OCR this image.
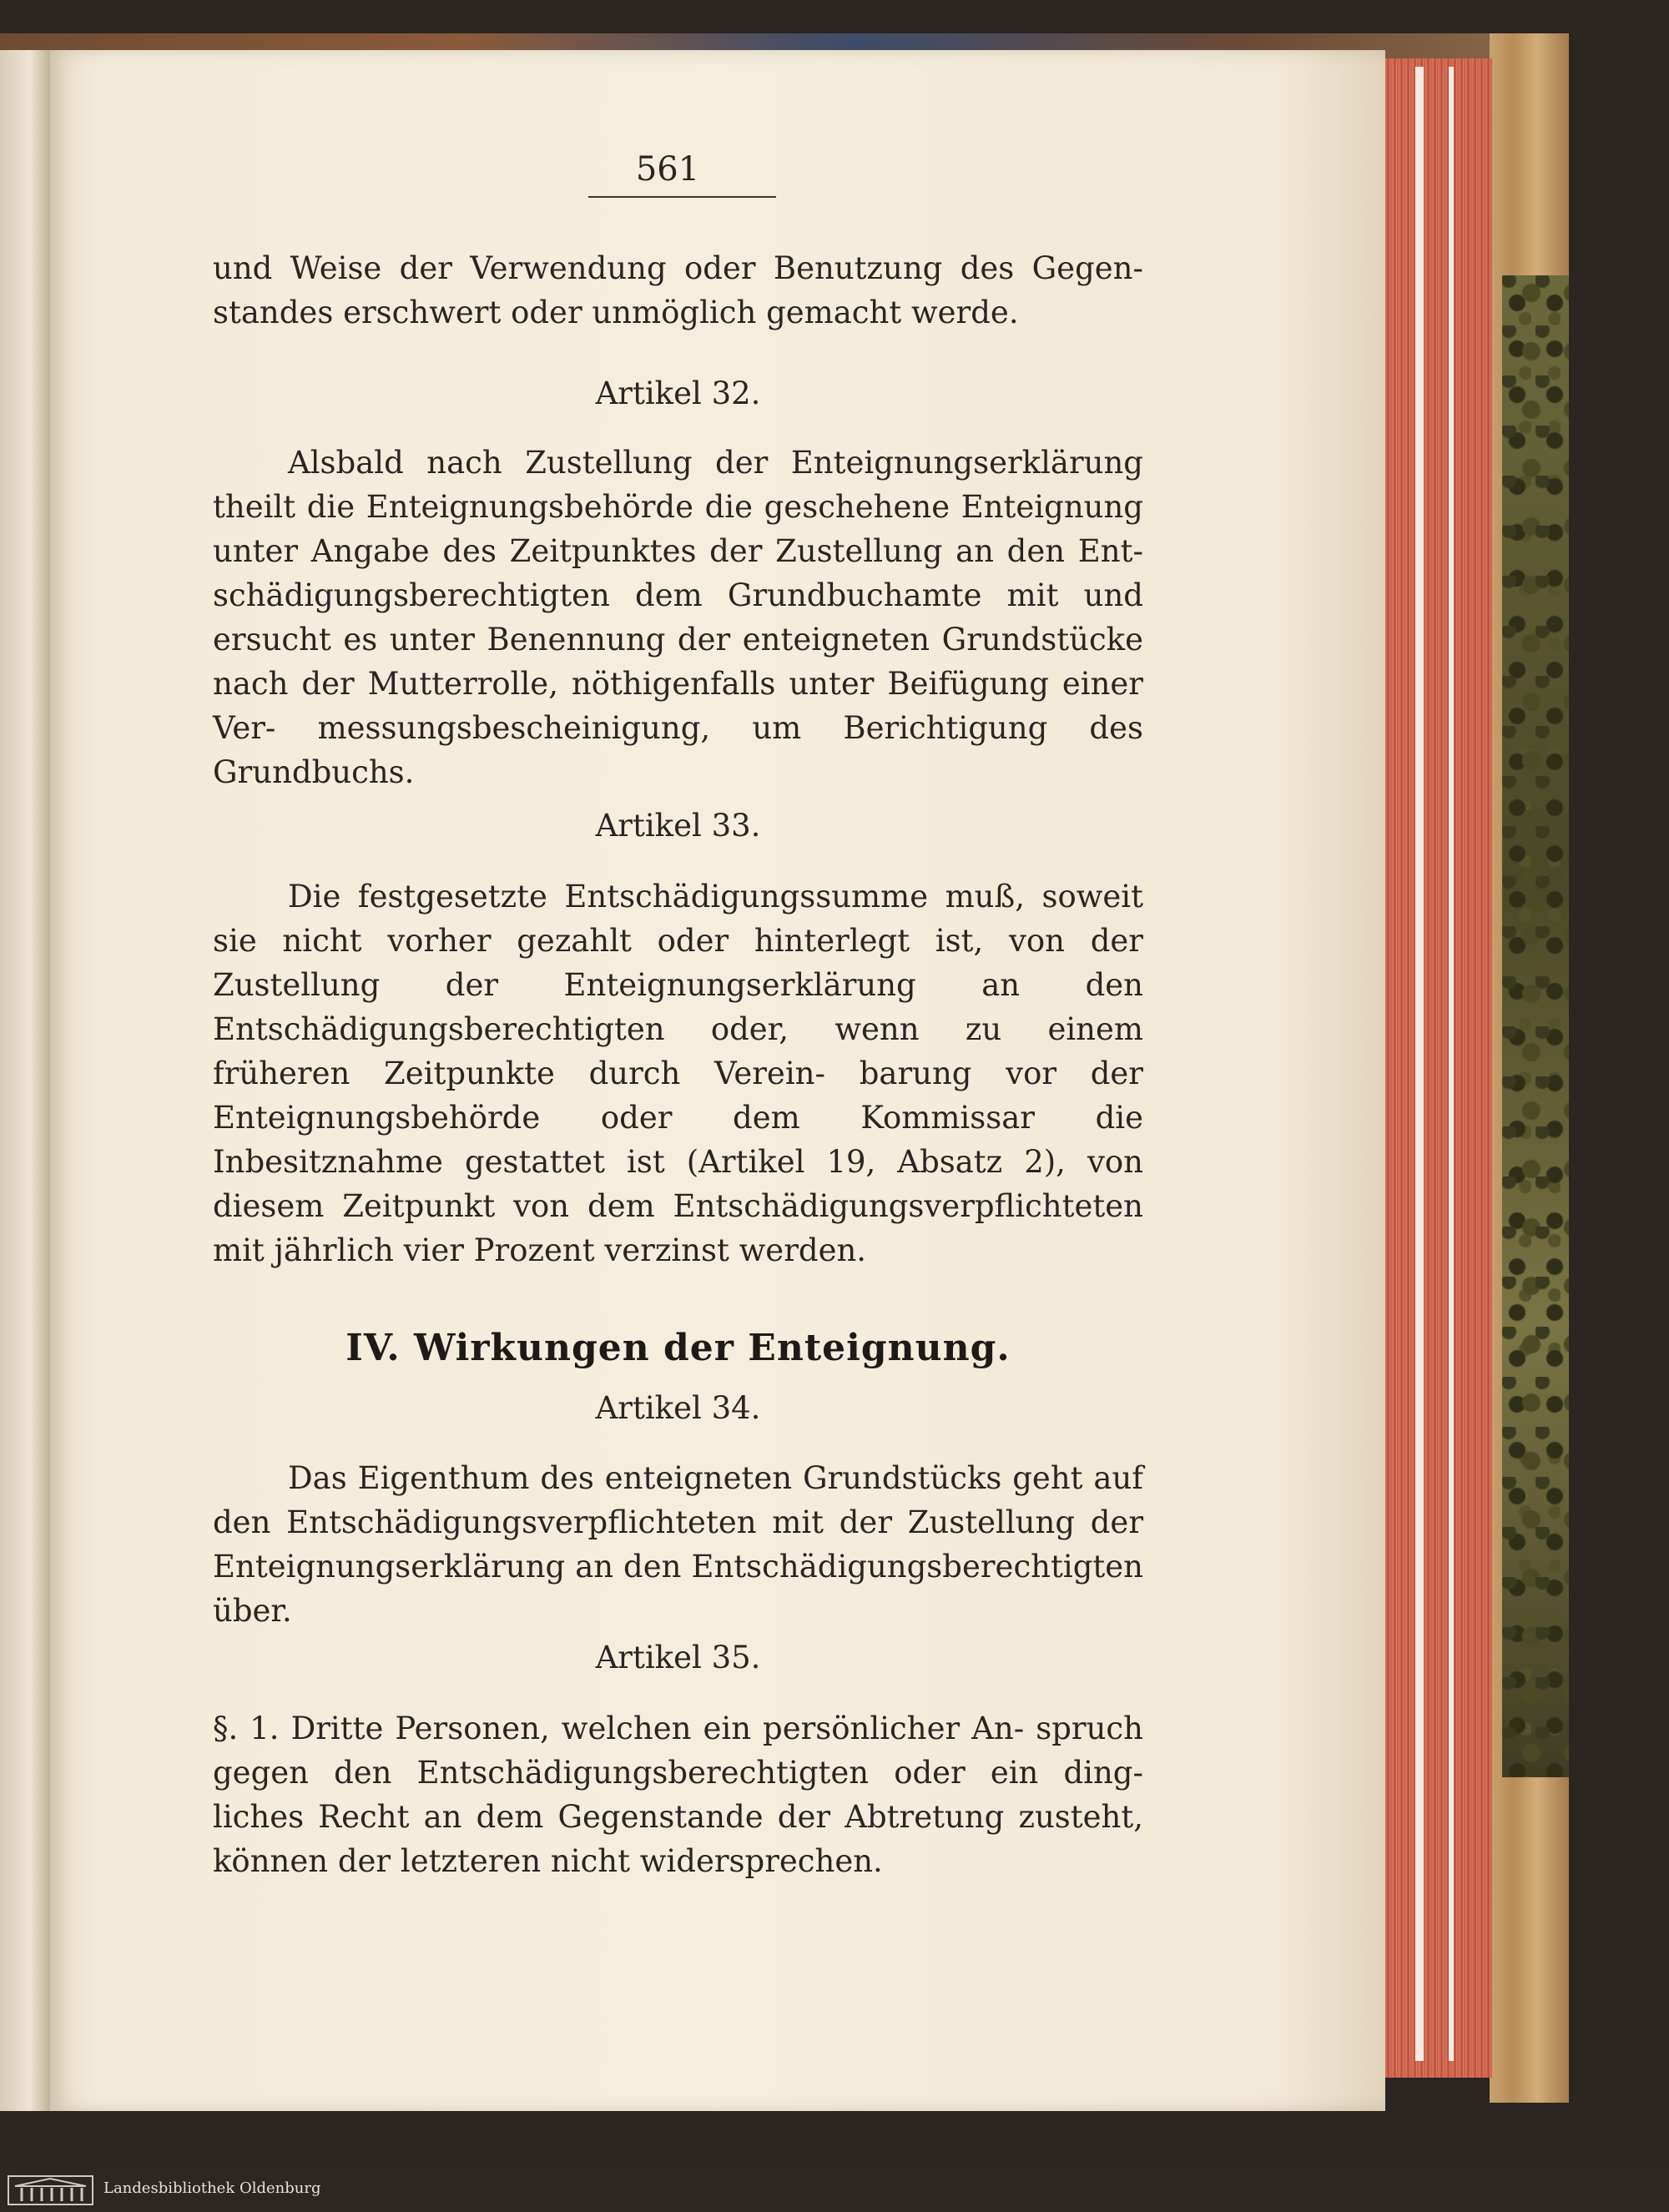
561

und Weise der Verwendung oder Benutzung des Gegen- standes erschwert oder unmöglich gemacht werde.

Artikel 32.

Alsbald nach Zustellung der Enteignungserklärung theilt die Enteignungsbehörde die geschehene Enteignung unter Angabe des Zeitpunktes der Zustellung an den Ent- schädigungsberechtigten dem Grundbuchamte mit und ersucht es unter Benennung der enteigneten Grundstücke nach der Mutterrolle, nöthigenfalls unter Beifügung einer Ver- messungsbescheinigung, um Berichtigung des Grundbuchs.

Artikel 33.

Die festgesetzte Entschädigungssumme muß, soweit sie nicht vorher gezahlt oder hinterlegt ist, von der Zustellung der Enteignungserklärung an den Entschädigungsberechtigten oder, wenn zu einem früheren Zeitpunkte durch Verein- barung vor der Enteignungsbehörde oder dem Kommissar die Inbesitznahme gestattet ist (Artikel 19, Absatz 2), von diesem Zeitpunkt von dem Entschädigungsverpflichteten mit jährlich vier Prozent verzinst werden.

IV. Wirkungen der Enteignung.
Artikel 34.

Das Eigenthum des enteigneten Grundstücks geht auf den Entschädigungsverpflichteten mit der Zustellung der Enteignungserklärung an den Entschädigungsberechtigten über.

Artikel 35.

§. 1. Dritte Personen, welchen ein persönlicher An- spruch gegen den Entschädigungsberechtigten oder ein ding- liches Recht an dem Gegenstande der Abtretung zusteht, können der letzteren nicht widersprechen.

Landesbibliothek Oldenburg
